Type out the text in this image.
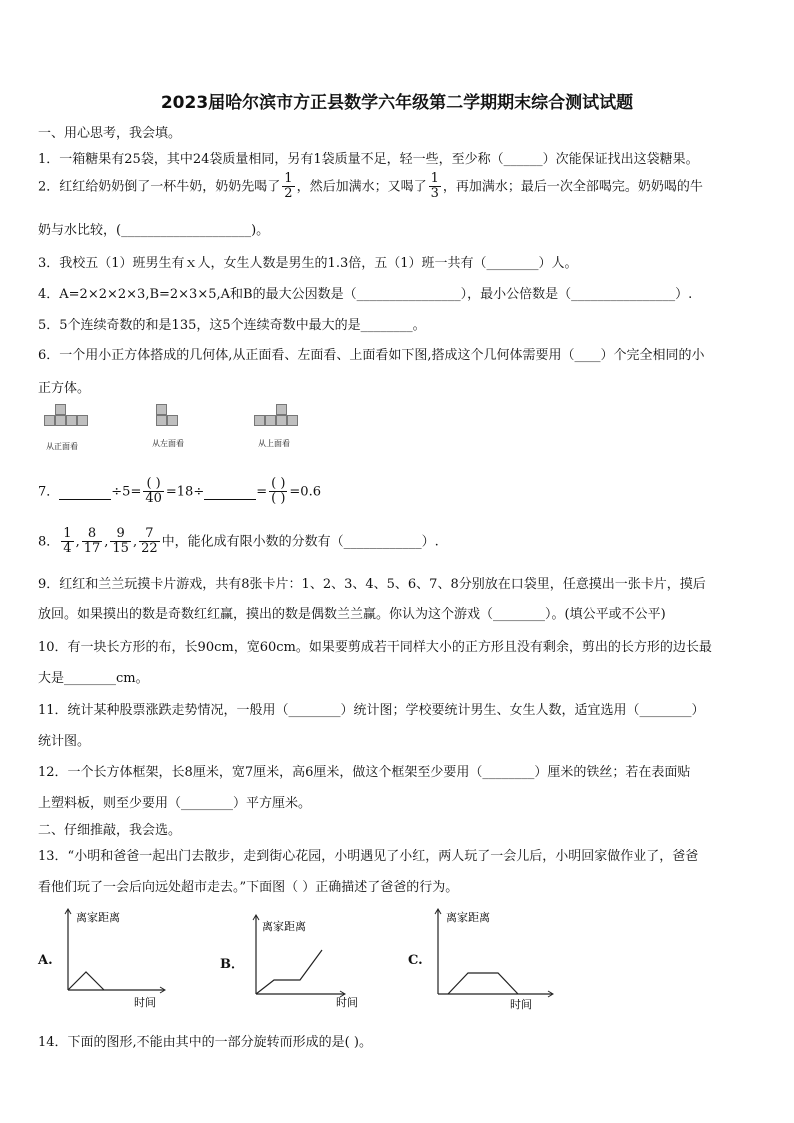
2023届哈尔滨市方正县数学六年级第二学期期末综合测试试题
一、用心思考，我会填。
1．一箱糖果有25袋，其中24袋质量相同，另有1袋质量不足，轻一些，至少称（______）次能保证找出这袋糖果。
2．红红给奶奶倒了一杯牛奶，奶奶先喝了 $\frac{1}{2}$ ，然后加满水；又喝了 $\frac{1}{3}$ ，再加满水；最后一次全部喝完。奶奶喝的牛
奶与水比较，(____________________)。
3．我校五（1）班男生有ｘ人，女生人数是男生的1.3倍，五（1）班一共有（________）人。
4．A=2×2×2×3,B=2×3×5,A和B的最大公因数是（________________），最小公倍数是（________________）.
5．5个连续奇数的和是135，这5个连续奇数中最大的是________。
6．一个用小正方体搭成的几何体,从正面看、左面看、上面看如下图,搭成这个几何体需要用（____）个完全相同的小
正方体。
从正面看	从左面看	从上面看
7．	$\div 5= \frac{( )}{40} =18\div$	= $\frac{( )}{( )} =0.6$
8． $\frac{1}{4}$ , $\frac{8}{17}$ , $\frac{9}{15}$ , $\frac{7}{22}$ 中，能化成有限小数的分数有（____________）.
9．红红和兰兰玩摸卡片游戏，共有8张卡片：1、2、3、4、5、6、7、8分别放在口袋里，任意摸出一张卡片，摸后
放回。如果摸出的数是奇数红红赢，摸出的数是偶数兰兰赢。你认为这个游戏（________）。(填公平或不公平)
10．有一块长方形的布，长90cm，宽60cm。如果要剪成若干同样大小的正方形且没有剩余，剪出的长方形的边长最
大是________cm。
11．统计某种股票涨跌走势情况，一般用（________）统计图；学校要统计男生、女生人数，适宜选用（________）
统计图。
12．一个长方体框架，长8厘米，宽7厘米，高6厘米，做这个框架至少要用（________）厘米的铁丝；若在表面贴
上塑料板，则至少要用（________）平方厘米。
二、仔细推敲，我会选。
13．“小明和爸爸一起出门去散步，走到街心花园，小明遇见了小红，两人玩了一会儿后，小明回家做作业了，爸爸
看他们玩了一会后向远处超市走去。”下面图（ ）正确描述了爸爸的行为。
A.
离家距离
时间
B．
离家距离
时间
C.
离家距离
时间
14．下面的图形,不能由其中的一部分旋转而形成的是( )。
